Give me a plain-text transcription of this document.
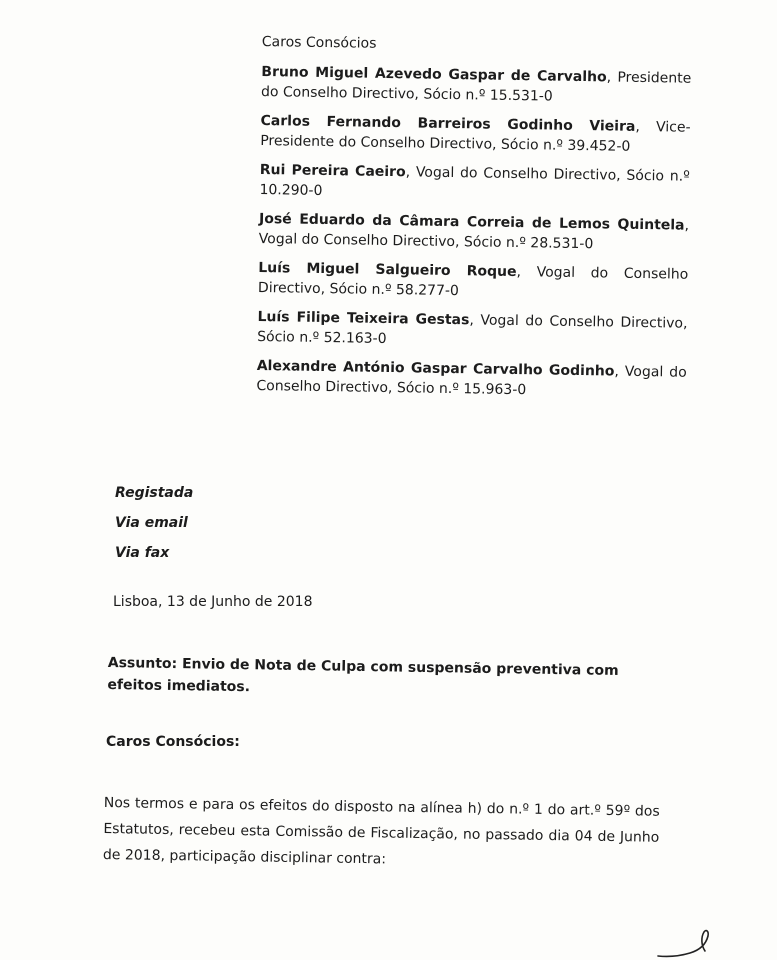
Caros Consócios
Bruno Miguel Azevedo Gaspar de Carvalho, Presidente do Conselho Directivo, Sócio n.º 15.531-0
Carlos Fernando Barreiros Godinho Vieira, Vice-Presidente do Conselho Directivo, Sócio n.º 39.452-0
Rui Pereira Caeiro, Vogal do Conselho Directivo, Sócio n.º 10.290-0
José Eduardo da Câmara Correia de Lemos Quintela, Vogal do Conselho Directivo, Sócio n.º 28.531-0
Luís Miguel Salgueiro Roque, Vogal do Conselho Directivo, Sócio n.º 58.277-0
Luís Filipe Teixeira Gestas, Vogal do Conselho Directivo, Sócio n.º 52.163-0
Alexandre António Gaspar Carvalho Godinho, Vogal do Conselho Directivo, Sócio n.º 15.963-0
Registada
Via email
Via fax
Lisboa, 13 de Junho de 2018
Assunto: Envio de Nota de Culpa com suspensão preventiva com efeitos imediatos.
Caros Consócios:
Nos termos e para os efeitos do disposto na alínea h) do n.º 1 do art.º 59º dos Estatutos, recebeu esta Comissão de Fiscalização, no passado dia 04 de Junho de 2018, participação disciplinar contra:
